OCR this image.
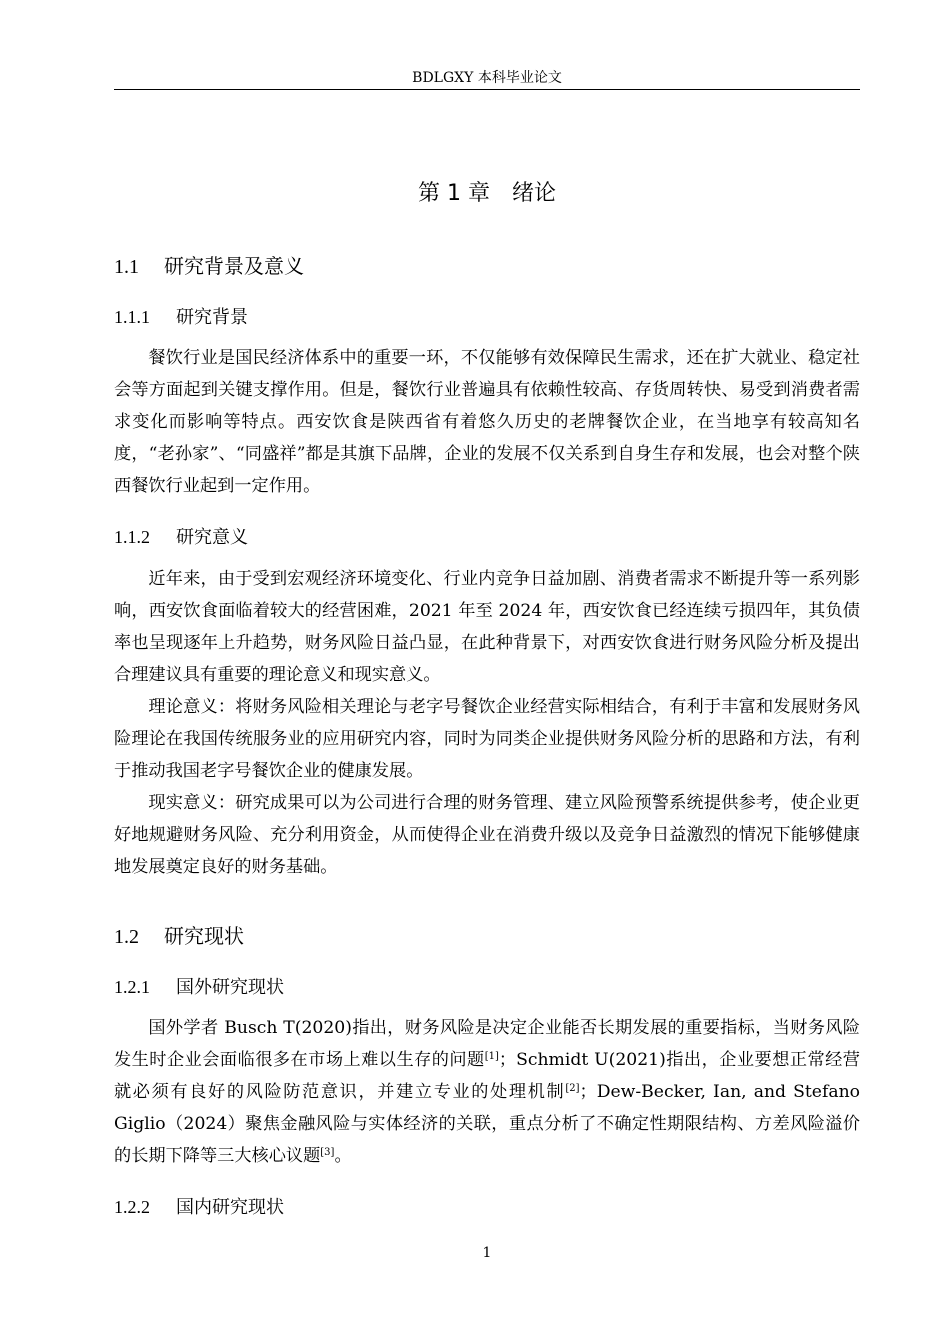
BDLGXY 本科毕业论文
第 1 章　绪论
1.1 研究背景及意义
1.1.1 研究背景

餐饮行业是国民经济体系中的重要一环，不仅能够有效保障民生需求，还在扩大就业、稳定社会等方面起到关键支撑作用。但是，餐饮行业普遍具有依赖性较高、存货周转快、易受到消费者需求变化而影响等特点。西安饮食是陕西省有着悠久历史的老牌餐饮企业，在当地享有较高知名度，“老孙家”、“同盛祥”都是其旗下品牌，企业的发展不仅关系到自身生存和发展，也会对整个陕西餐饮行业起到一定作用。

1.1.2 研究意义

近年来，由于受到宏观经济环境变化、行业内竞争日益加剧、消费者需求不断提升等一系列影响，西安饮食面临着较大的经营困难，2021 年至 2024 年，西安饮食已经连续亏损四年，其负债率也呈现逐年上升趋势，财务风险日益凸显，在此种背景下，对西安饮食进行财务风险分析及提出合理建议具有重要的理论意义和现实意义。

理论意义：将财务风险相关理论与老字号餐饮企业经营实际相结合，有利于丰富和发展财务风险理论在我国传统服务业的应用研究内容，同时为同类企业提供财务风险分析的思路和方法，有利于推动我国老字号餐饮企业的健康发展。

现实意义：研究成果可以为公司进行合理的财务管理、建立风险预警系统提供参考，使企业更好地规避财务风险、充分利用资金，从而使得企业在消费升级以及竞争日益激烈的情况下能够健康地发展奠定良好的财务基础。

1.2 研究现状
1.2.1 国外研究现状

国外学者 Busch T(2020)指出，财务风险是决定企业能否长期发展的重要指标，当财务风险发生时企业会面临很多在市场上难以生存的问题[1]；Schmidt U(2021)指出，企业要想正常经营就必须有良好的风险防范意识，并建立专业的处理机制[2]；Dew-Becker, Ian, and Stefano Giglio（2024）聚焦金融风险与实体经济的关联，重点分析了不确定性期限结构、方差风险溢价的长期下降等三大核心议题[3]。

1.2.2 国内研究现状
1
